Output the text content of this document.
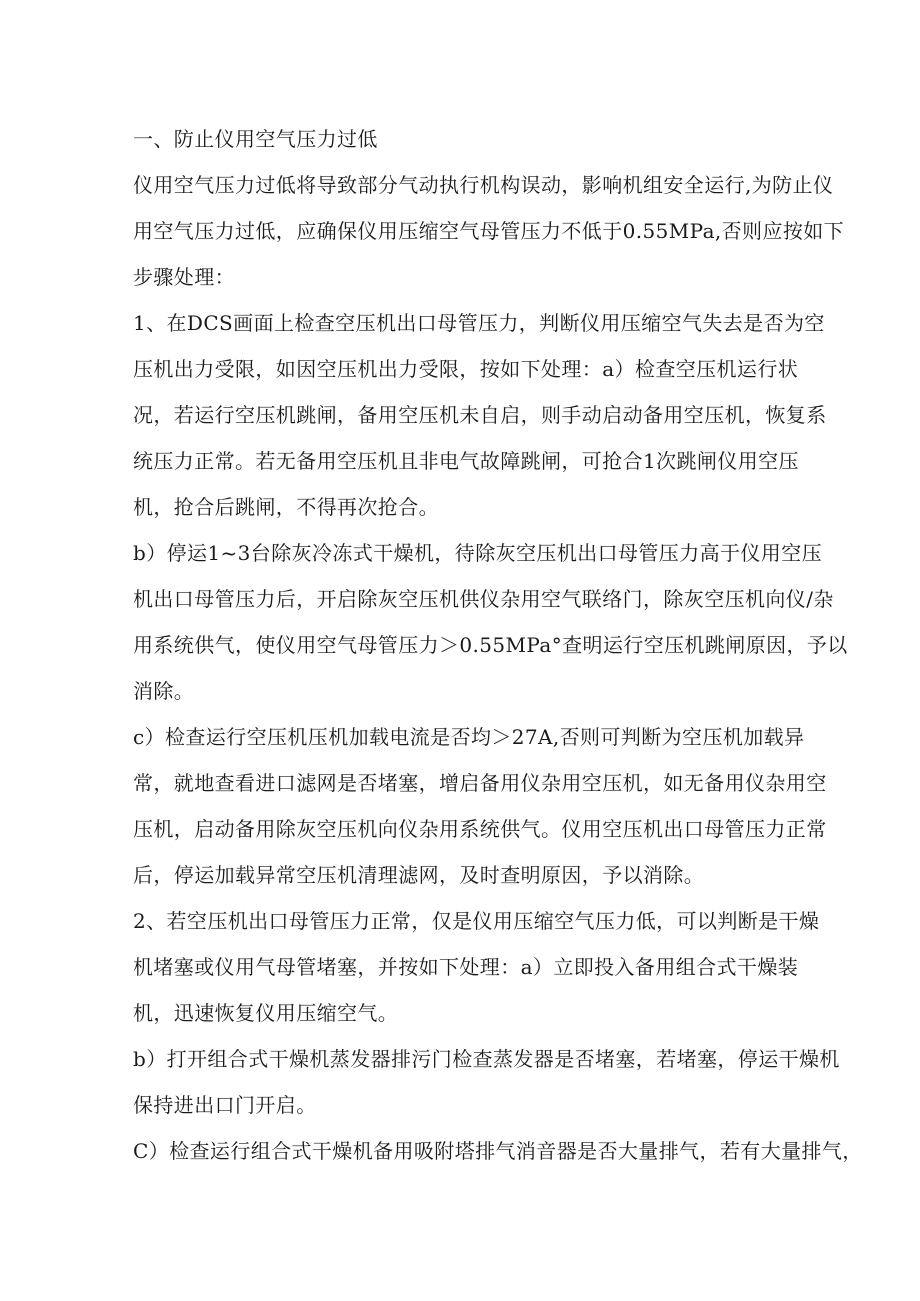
一、防止仪用空气压力过低
仪用空气压力过低将导致部分气动执行机构误动，影响机组安全运行,为防止仪
用空气压力过低，应确保仪用压缩空气母管压力不低于0.55MPa,否则应按如下
步骤处理：
1、在DCS画面上检查空压机出口母管压力，判断仪用压缩空气失去是否为空
压机出力受限，如因空压机出力受限，按如下处理：a）检查空压机运行状
况，若运行空压机跳闸，备用空压机未自启，则手动启动备用空压机，恢复系
统压力正常。若无备用空压机且非电气故障跳闸，可抢合1次跳闸仪用空压
机，抢合后跳闸，不得再次抢合。
b）停运1~3台除灰冷冻式干燥机，待除灰空压机出口母管压力高于仪用空压
机出口母管压力后，开启除灰空压机供仪杂用空气联络门，除灰空压机向仪/杂
用系统供气，使仪用空气母管压力＞0.55MPa°查明运行空压机跳闸原因，予以
消除。
c）检查运行空压机压机加载电流是否均＞27A,否则可判断为空压机加载异
常，就地查看进口滤网是否堵塞，增启备用仪杂用空压机，如无备用仪杂用空
压机，启动备用除灰空压机向仪杂用系统供气。仪用空压机出口母管压力正常
后，停运加载异常空压机清理滤网，及时查明原因，予以消除。
2、若空压机出口母管压力正常，仅是仪用压缩空气压力低，可以判断是干燥
机堵塞或仪用气母管堵塞，并按如下处理：a）立即投入备用组合式干燥装
机，迅速恢复仪用压缩空气。
b）打开组合式干燥机蒸发器排污门检查蒸发器是否堵塞，若堵塞，停运干燥机
保持进出口门开启。
C）检查运行组合式干燥机备用吸附塔排气消音器是否大量排气，若有大量排气，
